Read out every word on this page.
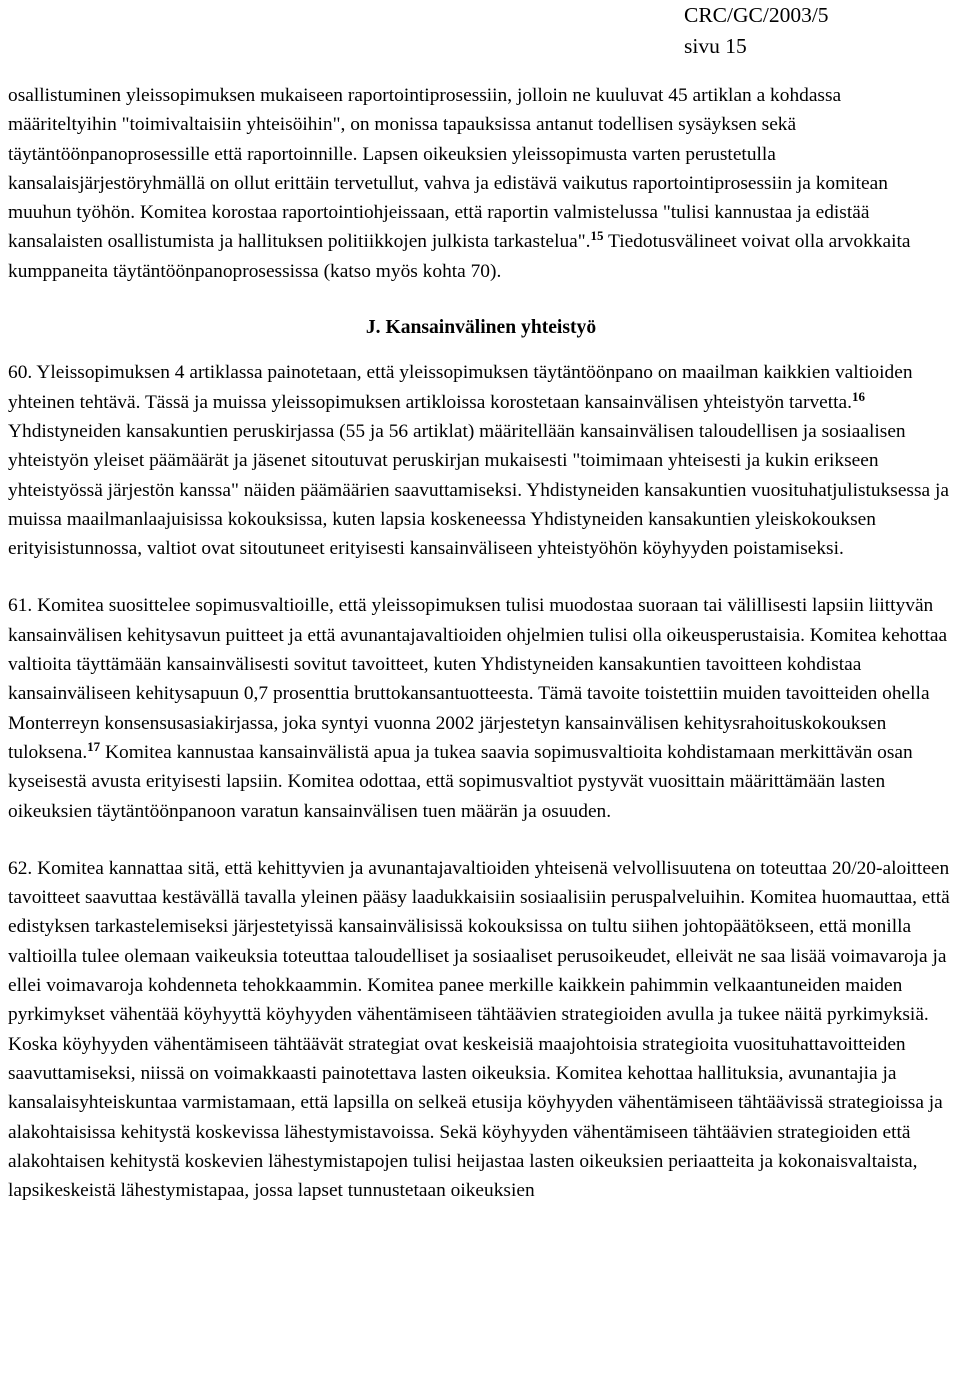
CRC/GC/2003/5
sivu 15

osallistuminen yleissopimuksen mukaiseen raportointiprosessiin, jolloin ne kuuluvat 45 artiklan a kohdassa määriteltyihin "toimivaltaisiin yhteisöihin", on monissa tapauksissa antanut todellisen sysäyksen sekä täytäntöönpanoprosessille että raportoinnille. Lapsen oikeuksien yleissopimusta varten perustetulla kansalaisjärjestöryhmällä on ollut erittäin tervetullut, vahva ja edistävä vaikutus raportointiprosessiin ja komitean muuhun työhön. Komitea korostaa raportointiohjeissaan, että raportin valmistelussa "tulisi kannustaa ja edistää kansalaisten osallistumista ja hallituksen politiikkojen julkista tarkastelua".$^{15}$ Tiedotusvälineet voivat olla arvokkaita kumppaneita täytäntöönpanoprosessissa (katso myös kohta 70).

J. Kansainvälinen yhteistyö

60. Yleissopimuksen 4 artiklassa painotetaan, että yleissopimuksen täytäntöönpano on maailman kaikkien valtioiden yhteinen tehtävä. Tässä ja muissa yleissopimuksen artikloissa korostetaan kansainvälisen yhteistyön tarvetta.$^{16}$ Yhdistyneiden kansakuntien peruskirjassa (55 ja 56 artiklat) määritellään kansainvälisen taloudellisen ja sosiaalisen yhteistyön yleiset päämäärät ja jäsenet sitoutuvat peruskirjan mukaisesti "toimimaan yhteisesti ja kukin erikseen yhteistyössä järjestön kanssa" näiden päämäärien saavuttamiseksi. Yhdistyneiden kansakuntien vuosituhatjulistuksessa ja muissa maailmanlaajuisissa kokouksissa, kuten lapsia koskeneessa Yhdistyneiden kansakuntien yleiskokouksen erityisistunnossa, valtiot ovat sitoutuneet erityisesti kansainväliseen yhteistyöhön köyhyyden poistamiseksi.

61. Komitea suosittelee sopimusvaltioille, että yleissopimuksen tulisi muodostaa suoraan tai välillisesti lapsiin liittyvän kansainvälisen kehitysavun puitteet ja että avunantajavaltioiden ohjelmien tulisi olla oikeusperustaisia. Komitea kehottaa valtioita täyttämään kansainvälisesti sovitut tavoitteet, kuten Yhdistyneiden kansakuntien tavoitteen kohdistaa kansainväliseen kehitysapuun 0,7 prosenttia bruttokansantuotteesta. Tämä tavoite toistettiin muiden tavoitteiden ohella Monterreyn konsensusasiakirjassa, joka syntyi vuonna 2002 järjestetyn kansainvälisen kehitysrahoituskokouksen tuloksena.$^{17}$ Komitea kannustaa kansainvälistä apua ja tukea saavia sopimusvaltioita kohdistamaan merkittävän osan kyseisestä avusta erityisesti lapsiin. Komitea odottaa, että sopimusvaltiot pystyvät vuosittain määrittämään lasten oikeuksien täytäntöönpanoon varatun kansainvälisen tuen määrän ja osuuden.

62. Komitea kannattaa sitä, että kehittyvien ja avunantajavaltioiden yhteisenä velvollisuutena on toteuttaa 20/20-aloitteen tavoitteet saavuttaa kestävällä tavalla yleinen pääsy laadukkaisiin sosiaalisiin peruspalveluihin. Komitea huomauttaa, että edistyksen tarkastelemiseksi järjestetyissä kansainvälisissä kokouksissa on tultu siihen johtopäätökseen, että monilla valtioilla tulee olemaan vaikeuksia toteuttaa taloudelliset ja sosiaaliset perusoikeudet, elleivät ne saa lisää voimavaroja ja ellei voimavaroja kohdenneta tehokkaammin. Komitea panee merkille kaikkein pahimmin velkaantuneiden maiden pyrkimykset vähentää köyhyyttä köyhyyden vähentämiseen tähtäävien strategioiden avulla ja tukee näitä pyrkimyksiä. Koska köyhyyden vähentämiseen tähtäävät strategiat ovat keskeisiä maajohtoisia strategioita vuosituhattavoitteiden saavuttamiseksi, niissä on voimakkaasti painotettava lasten oikeuksia. Komitea kehottaa hallituksia, avunantajia ja kansalaisyhteiskuntaa varmistamaan, että lapsilla on selkeä etusija köyhyyden vähentämiseen tähtäävissä strategioissa ja alakohtaisissa kehitystä koskevissa lähestymistavoissa. Sekä köyhyyden vähentämiseen tähtäävien strategioiden että alakohtaisen kehitystä koskevien lähestymistapojen tulisi heijastaa lasten oikeuksien periaatteita ja kokonaisvaltaista, lapsikeskeistä lähestymistapaa, jossa lapset tunnustetaan oikeuksien
